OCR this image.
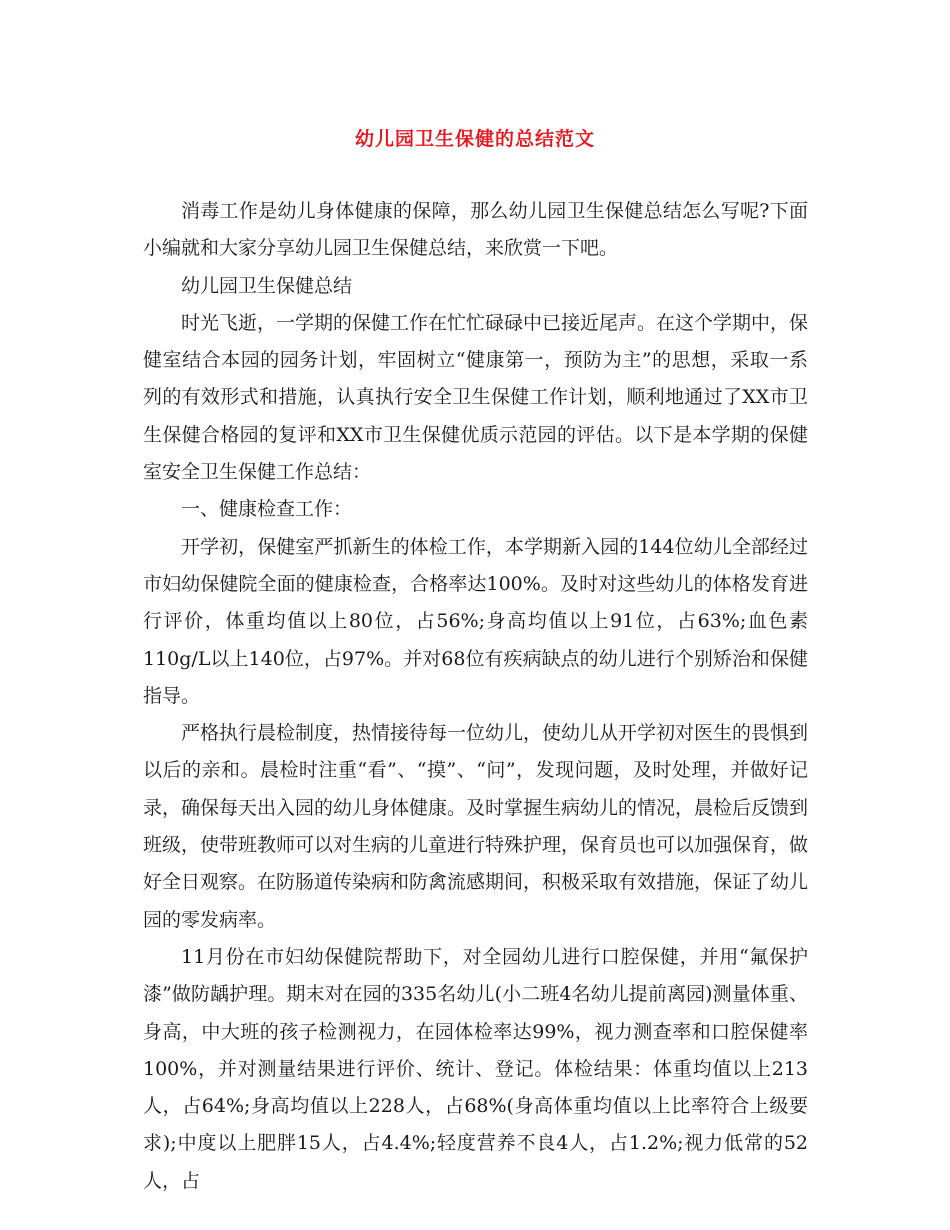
幼儿园卫生保健的总结范文

消毒工作是幼儿身体健康的保障，那么幼儿园卫生保健总结怎么写呢?下面小编就和大家分享幼儿园卫生保健总结，来欣赏一下吧。

幼儿园卫生保健总结

时光飞逝，一学期的保健工作在忙忙碌碌中已接近尾声。在这个学期中，保健室结合本园的园务计划，牢固树立“健康第一，预防为主”的思想，采取一系列的有效形式和措施，认真执行安全卫生保健工作计划，顺利地通过了XX市卫生保健合格园的复评和XX市卫生保健优质示范园的评估。以下是本学期的保健室安全卫生保健工作总结：

一、健康检查工作：

开学初，保健室严抓新生的体检工作，本学期新入园的144位幼儿全部经过市妇幼保健院全面的健康检查，合格率达100%。及时对这些幼儿的体格发育进行评价，体重均值以上80位，占56%;身高均值以上91位，占63%;血色素110g/L以上140位，占97%。并对68位有疾病缺点的幼儿进行个别矫治和保健指导。

严格执行晨检制度，热情接待每一位幼儿，使幼儿从开学初对医生的畏惧到以后的亲和。晨检时注重“看”、“摸”、“问”，发现问题，及时处理，并做好记录，确保每天出入园的幼儿身体健康。及时掌握生病幼儿的情况，晨检后反馈到班级，使带班教师可以对生病的儿童进行特殊护理，保育员也可以加强保育，做好全日观察。在防肠道传染病和防禽流感期间，积极采取有效措施，保证了幼儿园的零发病率。

11月份在市妇幼保健院帮助下，对全园幼儿进行口腔保健，并用“氟保护漆”做防龋护理。期末对在园的335名幼儿(小二班4名幼儿提前离园)测量体重、身高，中大班的孩子检测视力，在园体检率达99%，视力测查率和口腔保健率100%，并对测量结果进行评价、统计、登记。体检结果：体重均值以上213人，占64%;身高均值以上228人，占68%(身高体重均值以上比率符合上级要求);中度以上肥胖15人，占4.4%;轻度营养不良4人，占1.2%;视力低常的52人，占
